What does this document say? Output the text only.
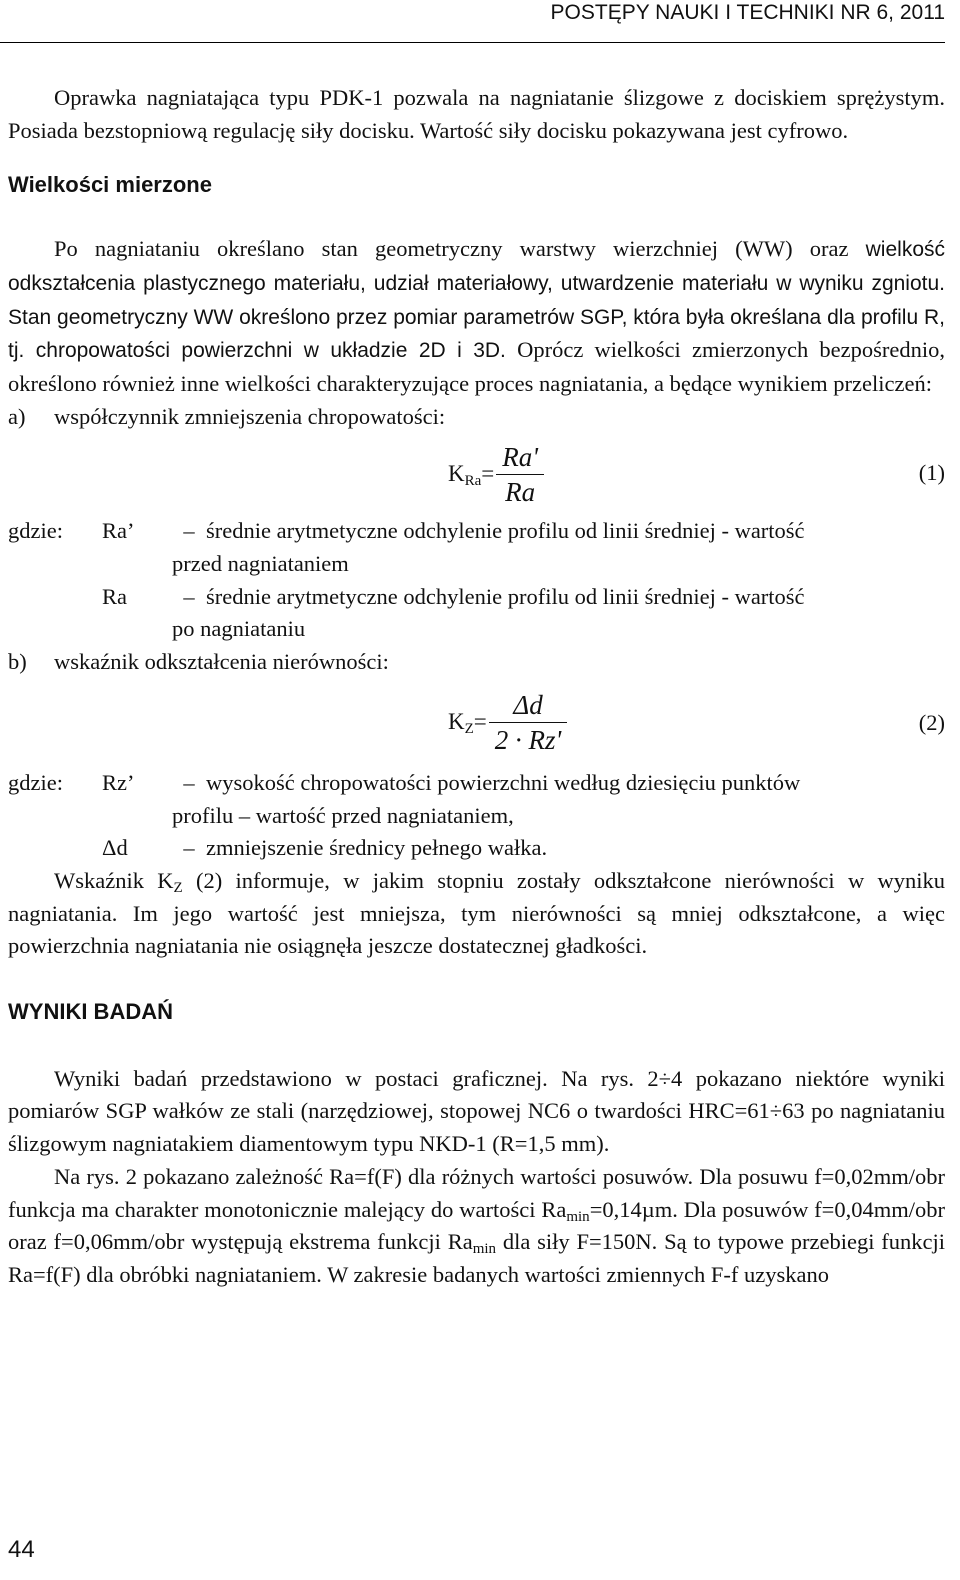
POSTĘPY NAUKI I TECHNIKI NR 6, 2011

Oprawka nagniatająca typu PDK-1 pozwala na nagniatanie ślizgowe z dociskiem sprężystym. Posiada bezstopniową regulację siły docisku. Wartość siły docisku pokazywana jest cyfrowo.

Wielkości mierzone

Po nagniataniu określano stan geometryczny warstwy wierzchniej (WW) oraz wielkość odkształcenia plastycznego materiału, udział materiałowy, utwardzenie materiału w wyniku zgniotu. Stan geometryczny WW określono przez pomiar parametrów SGP, która była określana dla profilu R, tj. chropowatości powierzchni w układzie 2D i 3D. Oprócz wielkości zmierzonych bezpośrednio, określono również inne wielkości charakteryzujące proces nagniatania, a będące wynikiem przeliczeń:

a)	współczynnik zmniejszenia chropowatości:
$K_{Ra} = \frac{Ra'}{Ra}$	(1)
gdzie:	Ra’	– średnie arytmetyczne odchylenie profilu od linii średniej - wartość
przed nagniataniem
Ra	– średnie arytmetyczne odchylenie profilu od linii średniej - wartość
po nagniataniu
b)	wskaźnik odkształcenia nierówności:
$K_Z = \frac{\Delta d}{2 \cdot Rz'}$	(2)
gdzie:	Rz’	– wysokość chropowatości powierzchni według dziesięciu punktów
profilu – wartość przed nagniataniem,
Δd	– zmniejszenie średnicy pełnego wałka.

Wskaźnik $K_Z$ (2) informuje, w jakim stopniu zostały odkształcone nierówności w wyniku nagniatania. Im jego wartość jest mniejsza, tym nierówności są mniej odkształcone, a więc powierzchnia nagniatania nie osiągnęła jeszcze dostatecznej gładkości.

WYNIKI BADAŃ

Wyniki badań przedstawiono w postaci graficznej. Na rys. 2÷4 pokazano niektóre wyniki pomiarów SGP wałków ze stali (narzędziowej, stopowej NC6 o twardości HRC=61÷63 po nagniataniu ślizgowym nagniatakiem diamentowym typu NKD-1 (R=1,5 mm).

Na rys. 2 pokazano zależność Ra=f(F) dla różnych wartości posuwów. Dla posuwu f=0,02mm/obr funkcja ma charakter monotonicznie malejący do wartości $Ra_{min}=0,14\mu m$. Dla posuwów f=0,04mm/obr oraz f=0,06mm/obr występują ekstrema funkcji $Ra_{min}$ dla siły F=150N. Są to typowe przebiegi funkcji Ra=f(F) dla obróbki nagniataniem. W zakresie badanych wartości zmiennych F-f uzyskano

44
